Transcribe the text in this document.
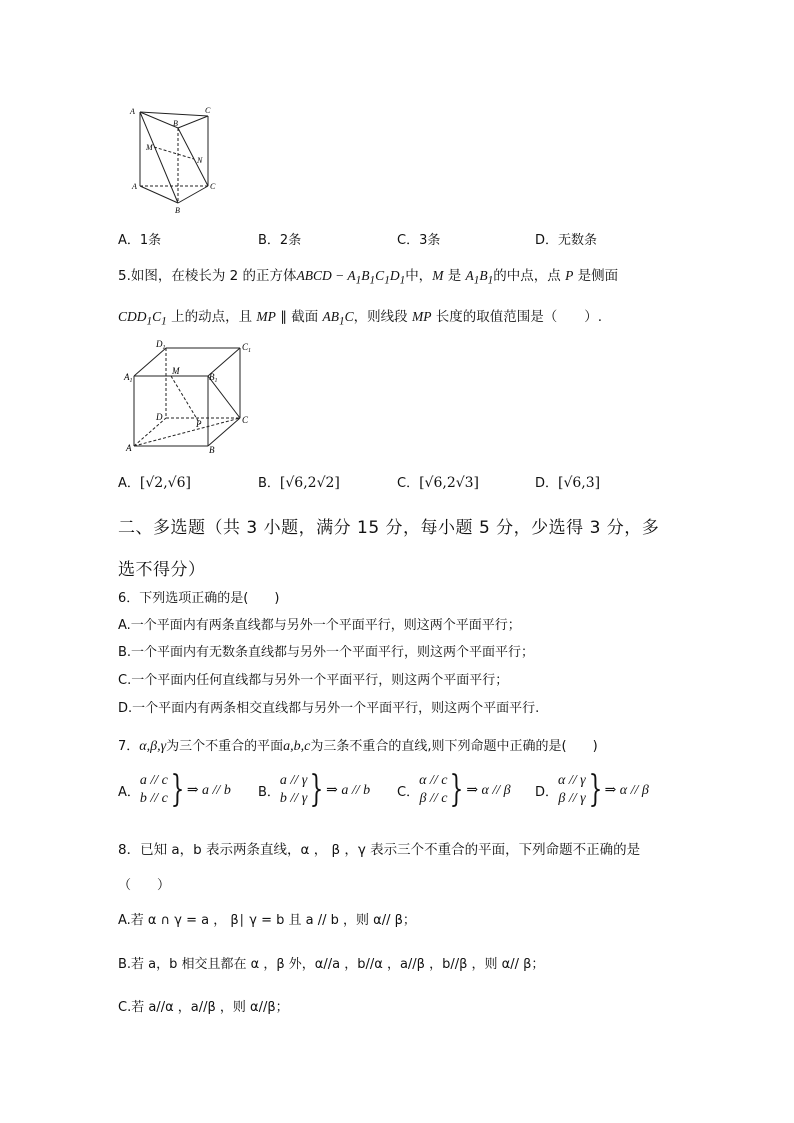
A	C
B
M
N
A	C
B
A．1条	B．2条	C．3条	D．无数条
5.如图，在棱长为 2 的正方体ABCD − $A_1B_1C_1D_1$中，M 是 $A_1B_1$的中点，点 P 是侧面
$CDD_1C_1$ 上的动点，且 MP ∥ 截面 $AB_1C$，则线段 MP 长度的取值范围是（　　）.
$D_1$	$C_1$
$A_1$
M
$B_1$
D	C
P
A	B
A．[√2,√6]	B．[√6,2√2]	C．[√6,2√3]	D．[√6,3]
二、多选题（共 3 小题，满分 15 分，每小题 5 分，少选得 3 分，多
选不得分）
6．下列选项正确的是(　　)
A.一个平面内有两条直线都与另外一个平面平行，则这两个平面平行；
B.一个平面内有无数条直线都与另外一个平面平行，则这两个平面平行；
C.一个平面内任何直线都与另外一个平面平行，则这两个平面平行；
D.一个平面内有两条相交直线都与另外一个平面平行，则这两个平面平行.
7．α,β,γ为三个不重合的平面a,b,c为三条不重合的直线,则下列命题中正确的是(　　)
A．
a // c
b // c } ⇒ a // b B．
a // γ
b // γ } ⇒ a // b C．
α // c
β // c } ⇒ α // β D．
α // γ
β // γ } ⇒ α // β
8．已知 a，b 表示两条直线，α ， β ，γ 表示三个不重合的平面，下列命题不正确的是
（　　）
A.若 α ∩ γ = a ， β∣ γ = b 且 a // b ，则 α// β；
B.若 a，b 相交且都在 α ，β 外，α//a ，b//α ，a//β ，b//β ，则 α// β；
C.若 a//α ，a//β ，则 α//β；
